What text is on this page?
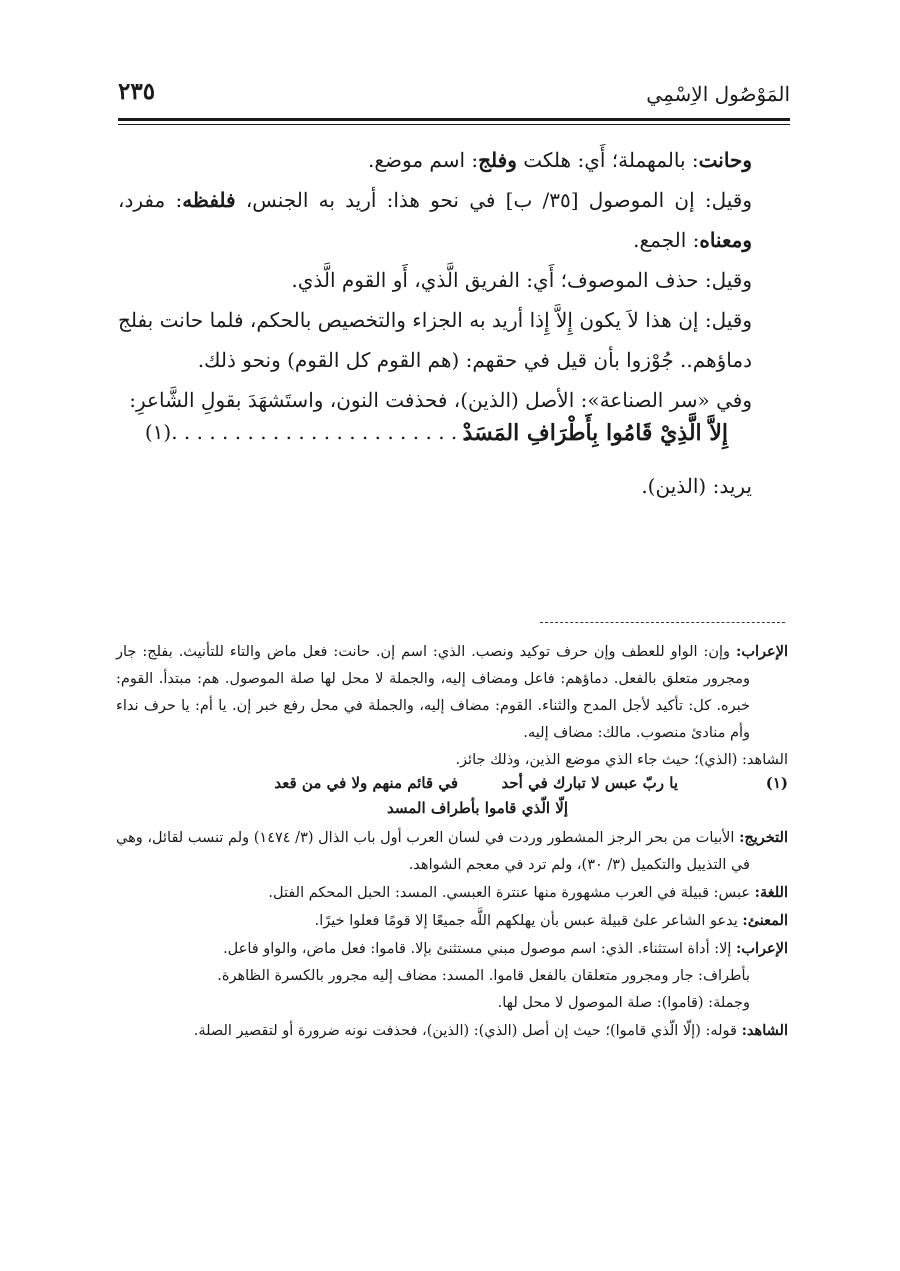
المَوْصُول الاِسْمِي
٢٣٥

وحانت: بالمهملة؛ أَي: هلكت وفلج: اسم موضع.

وقيل: إن الموصول [٣٥/ ب] في نحو هذا: أريد به الجنس، فلفظه: مفرد، ومعناه: الجمع.

وقيل: حذف الموصوف؛ أَي: الفريق الَّذي، أَو القوم الَّذي.

وقيل: إن هذا لاَ يكون إِلاَّ إِذا أريد به الجزاء والتخصيص بالحكم، فلما حانت بفلج دماؤهم.. جُوْزوا بأن قيل في حقهم: (هم القوم كل القوم) ونحو ذلك.

وفي «سر الصناعة»: الأصل (الذين)، فحذفت النون، واستَشهَدَ بقولِ الشَّاعرِ:

إِلاَّ الَّذِيْ قَامُوا بِأَطْرَافِ المَسَدْ
(١). . . . . . . . . . . . . . . . . . . . . . . .

يريد: (الذين).

الإعراب: وإن: الواو للعطف وإن حرف توكيد ونصب. الذي: اسم إن. حانت: فعل ماض والتاء للتأنيث. بفلج: جار ومجرور متعلق بالفعل. دماؤهم: فاعل ومضاف إليه، والجملة لا محل لها صلة الموصول. هم: مبتدأ. القوم: خبره. كل: تأكيد لأجل المدح والثناء. القوم: مضاف إليه، والجملة في محل رفع خبر إن. يا أم: يا حرف نداء وأم منادئ منصوب. مالك: مضاف إليه.

الشاهد: (الذي)؛ حيث جاء الذي موضع الذين، وذلك جائز.

(١)
يا ربّ عبس لا تبارك في أحد
في قائم منهم ولا في من قعد
إلّا الّذي قاموا بأطراف المسد

التخريج: الأبيات من بحر الرجز المشطور وردت في لسان العرب أول باب الذال (٣/ ١٤٧٤) ولم تنسب لقائل، وهي في التذييل والتكميل (٣/ ٣٠)، ولم ترد في معجم الشواهد.

اللغة: عبس: قبيلة في العرب مشهورة منها عنترة العبسي. المسد: الحبل المحكم الفتل.

المعنئ: يدعو الشاعر علئ قبيلة عبس بأن يهلكهم اللَّه جميعًا إلا قومًا فعلوا خيرًا.

الإعراب: إلا: أداة استثناء. الذي: اسم موصول مبني مستثنئ بإلا. قاموا: فعل ماض، والواو فاعل.

بأطراف: جار ومجرور متعلقان بالفعل قاموا. المسد: مضاف إليه مجرور بالكسرة الظاهرة.

وجملة: (قاموا): صلة الموصول لا محل لها.

الشاهد: قوله: (إلّا الّذي قاموا)؛ حيث إن أصل (الذي): (الذين)، فحذفت نونه ضرورة أو لتقصير الصلة.
